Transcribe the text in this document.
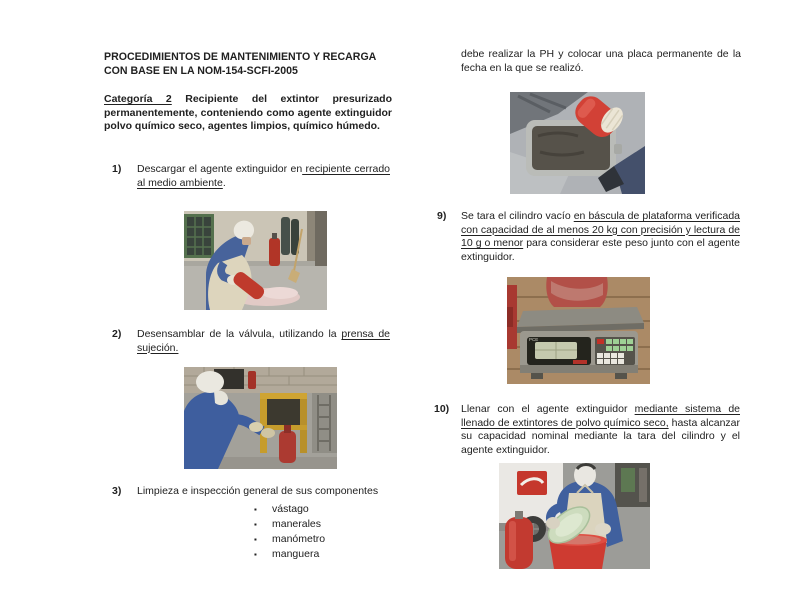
PROCEDIMIENTOS DE MANTENIMIENTO Y RECARGA
CON BASE EN LA NOM-154-SCFI-2005
Categoría 2 Recipiente del extintor presurizado permanentemente, conteniendo como agente extinguidor polvo químico seco, agentes limpios, químico húmedo.
1) Descargar el agente extinguidor en recipiente cerrado al medio ambiente.
2) Desensamblar de la válvula, utilizando la prensa de sujeción.
3) Limpieza e inspección general de sus componentes
▪	vástago
▪	manerales
▪	manómetro
▪	manguera
debe realizar la PH y colocar una placa permanente de la fecha en la que se realizó.
9) Se tara el cilindro vacío en báscula de plataforma verificada con capacidad de al menos 20 kg con precisión y lectura de 10 g o menor para considerar este peso junto con el agente extinguidor.
PCE
10) Llenar con el agente extinguidor mediante sistema de llenado de extintores de polvo químico seco, hasta alcanzar su capacidad nominal mediante la tara del cilindro y el agente extinguidor.
